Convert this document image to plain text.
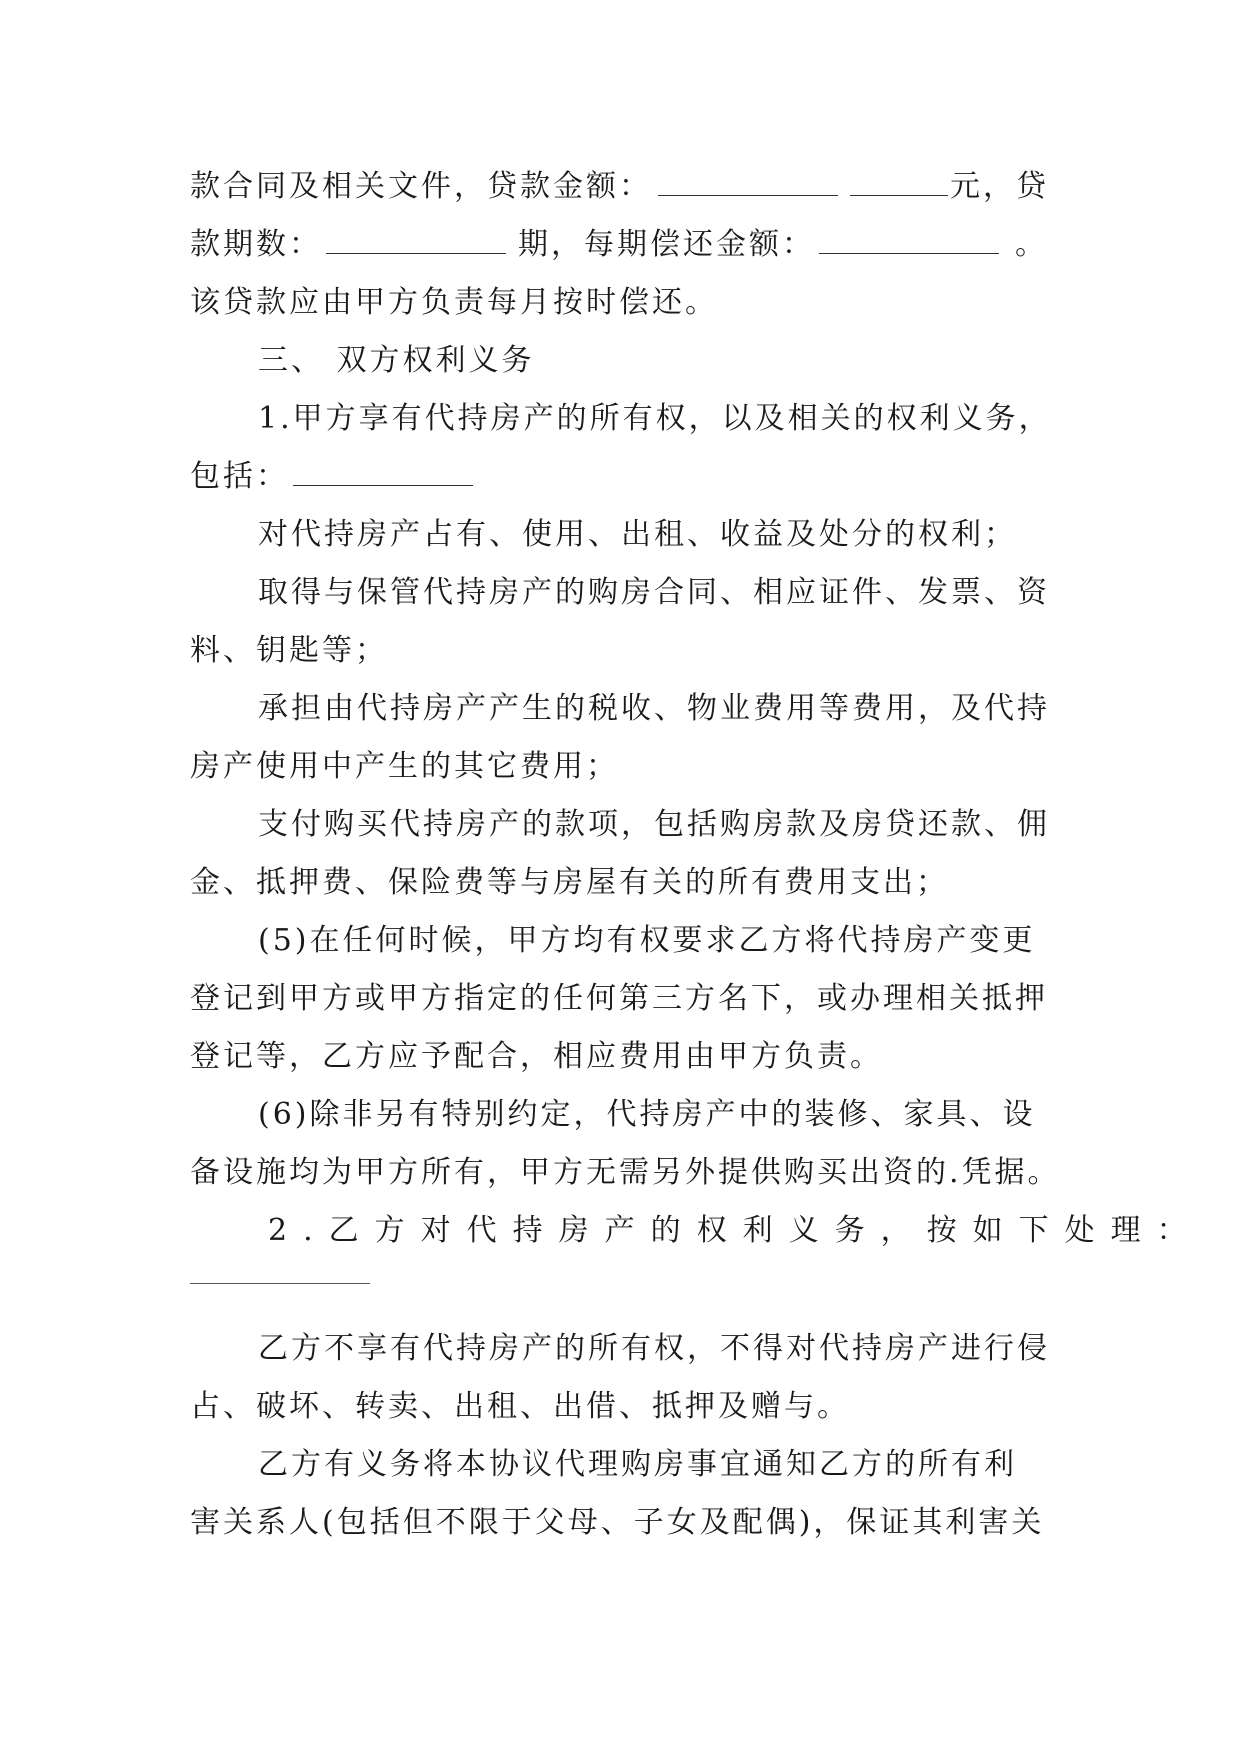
款合同及相关文件，贷款金额：	元，贷
款期数：	期，每期偿还金额：	。
该贷款应由甲方负责每月按时偿还。
三、 双方权利义务
1.甲方享有代持房产的所有权，以及相关的权利义务，
包括：
对代持房产占有、使用、出租、收益及处分的权利；
取得与保管代持房产的购房合同、相应证件、发票、资
料、钥匙等；
承担由代持房产产生的税收、物业费用等费用，及代持
房产使用中产生的其它费用；
支付购买代持房产的款项，包括购房款及房贷还款、佣
金、抵押费、保险费等与房屋有关的所有费用支出；
(5)在任何时候，甲方均有权要求乙方将代持房产变更
登记到甲方或甲方指定的任何第三方名下，或办理相关抵押
登记等，乙方应予配合，相应费用由甲方负责。
(6)除非另有特别约定，代持房产中的装修、家具、设
备设施均为甲方所有，甲方无需另外提供购买出资的.凭据。
2.乙方对代持房产的权利义务，按如下处理：
乙方不享有代持房产的所有权，不得对代持房产进行侵
占、破坏、转卖、出租、出借、抵押及赠与。
乙方有义务将本协议代理购房事宜通知乙方的所有利
害关系人(包括但不限于父母、子女及配偶)，保证其利害关
